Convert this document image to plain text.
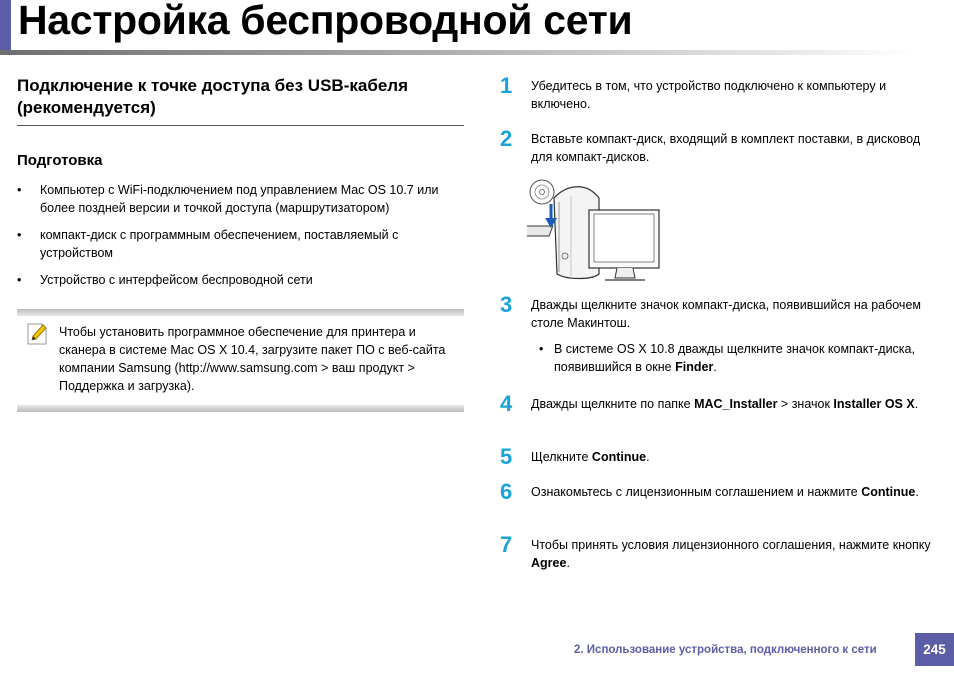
Настройка беспроводной сети
Подключение к точке доступа без USB-кабеля (рекомендуется)
Подготовка
• Компьютер с WiFi-подключением под управлением Mac OS 10.7 или более поздней версии и точкой доступа (маршрутизатором)
• компакт-диск с программным обеспечением, поставляемый с устройством
• Устройство с интерфейсом беспроводной сети
Чтобы установить программное обеспечение для принтера и сканера в системе Mac OS X 10.4, загрузите пакет ПО с веб-сайта компании Samsung (http://www.samsung.com > ваш продукт > Поддержка и загрузка).
1	Убедитесь в том, что устройство подключено к компьютеру и включено.
2	Вставьте компакт-диск, входящий в комплект поставки, в дисковод для компакт-дисков.
3	Дважды щелкните значок компакт-диска, появившийся на рабочем столе Макинтош.
• В системе OS X 10.8 дважды щелкните значок компакт-диска, появившийся в окне Finder.
4	Дважды щелкните по папке MAC_Installer > значок Installer OS X.
5	Щелкните Continue.
6	Ознакомьтесь с лицензионным соглашением и нажмите Continue.
7	Чтобы принять условия лицензионного соглашения, нажмите кнопку Agree.
2. Использование устройства, подключенного к сети	245
